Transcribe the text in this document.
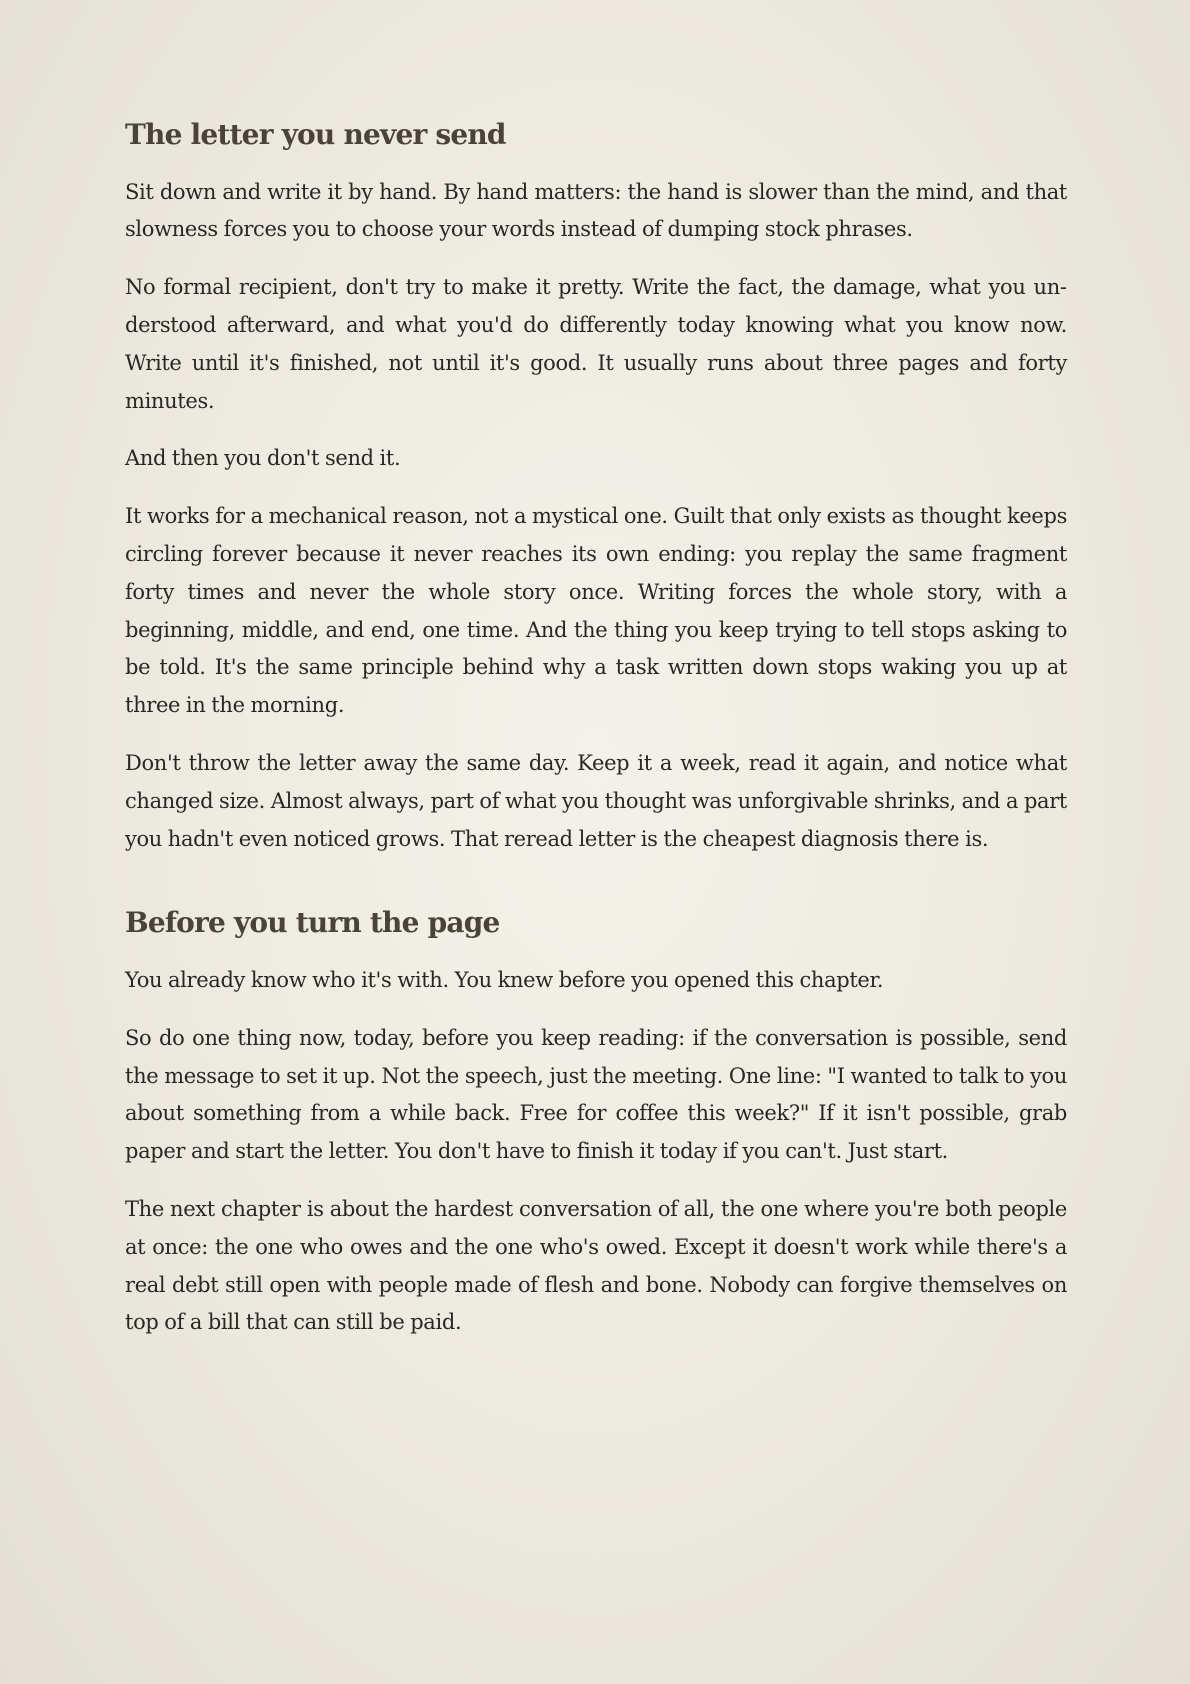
The letter you never send

Sit down and write it by hand. By hand matters: the hand is slower than the mind, and that slowness forces you to choose your words instead of dumping stock phrases.

No formal recipient, don't try to make it pretty. Write the fact, the damage, what you understood afterward, and what you'd do differently today knowing what you know now. Write until it's finished, not until it's good. It usually runs about three pages and forty minutes.

And then you don't send it.

It works for a mechanical reason, not a mystical one. Guilt that only exists as thought keeps circling forever because it never reaches its own ending: you replay the same fragment forty times and never the whole story once. Writing forces the whole story, with a beginning, middle, and end, one time. And the thing you keep trying to tell stops asking to be told. It's the same principle behind why a task written down stops waking you up at three in the morning.

Don't throw the letter away the same day. Keep it a week, read it again, and notice what changed size. Almost always, part of what you thought was unforgivable shrinks, and a part you hadn't even noticed grows. That reread letter is the cheapest diagnosis there is.

Before you turn the page

You already know who it's with. You knew before you opened this chapter.

So do one thing now, today, before you keep reading: if the conversation is possible, send the message to set it up. Not the speech, just the meeting. One line: "I wanted to talk to you about something from a while back. Free for coffee this week?" If it isn't possible, grab paper and start the letter. You don't have to finish it today if you can't. Just start.

The next chapter is about the hardest conversation of all, the one where you're both people at once: the one who owes and the one who's owed. Except it doesn't work while there's a real debt still open with people made of flesh and bone. Nobody can forgive themselves on top of a bill that can still be paid.
